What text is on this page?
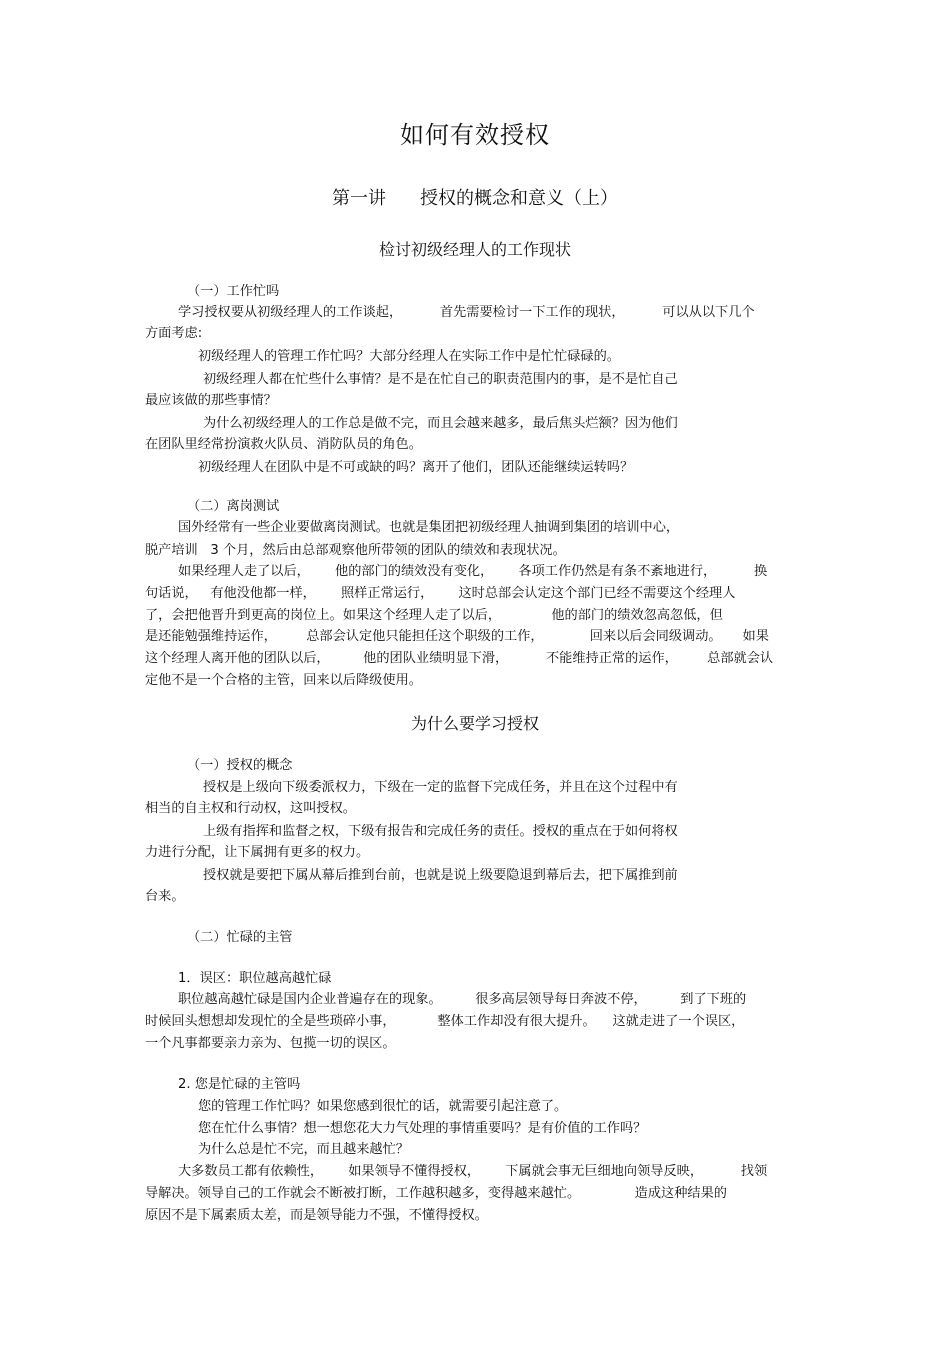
如何有效授权
第一讲 授权的概念和意义（上）
检讨初级经理人的工作现状
（一）工作忙吗
学习授权要从初级经理人的工作谈起，         首先需要检讨一下工作的现状，         可以从以下几个
方面考虑:
初级经理人的管理工作忙吗？大部分经理人在实际工作中是忙忙碌碌的。
初级经理人都在忙些什么事情？是不是在忙自己的职责范围内的事，是不是忙自己
最应该做的那些事情？
为什么初级经理人的工作总是做不完，而且会越来越多，最后焦头烂额？因为他们
在团队里经常扮演救火队员、消防队员的角色。
初级经理人在团队中是不可或缺的吗？离开了他们，团队还能继续运转吗？
（二）离岗测试
国外经常有一些企业要做离岗测试。也就是集团把初级经理人抽调到集团的培训中心，
脱产培训   3 个月，然后由总部观察他所带领的团队的绩效和表现状况。
如果经理人走了以后，      他的部门的绩效没有变化，      各项工作仍然是有条不紊地进行，         换
句话说，   有他没他都一样，      照样正常运行，      这时总部会认定这个部门已经不需要这个经理人
了，会把他晋升到更高的岗位上。如果这个经理人走了以后，            他的部门的绩效忽高忽低，但
是还能勉强维持运作，       总部会认定他只能担任这个职级的工作，           回来以后会同级调动。     如果
这个经理人离开他的团队以后，        他的团队业绩明显下滑，         不能维持正常的运作，       总部就会认
定他不是一个合格的主管，回来以后降级使用。
为什么要学习授权
（一）授权的概念
授权是上级向下级委派权力，下级在一定的监督下完成任务，并且在这个过程中有
相当的自主权和行动权，这叫授权。
上级有指挥和监督之权，下级有报告和完成任务的责任。授权的重点在于如何将权
力进行分配，让下属拥有更多的权力。
授权就是要把下属从幕后推到台前，也就是说上级要隐退到幕后去，把下属推到前
台来。
（二）忙碌的主管
1．误区：职位越高越忙碌
职位越高越忙碌是国内企业普遍存在的现象。        很多高层领导每日奔波不停，        到了下班的
时候回头想想却发现忙的全是些琐碎小事，          整体工作却没有很大提升。    这就走进了一个误区，
一个凡事都要亲力亲为、包揽一切的误区。
2. 您是忙碌的主管吗
您的管理工作忙吗？如果您感到很忙的话，就需要引起注意了。
您在忙什么事情？想一想您花大力气处理的事情重要吗？是有价值的工作吗？
为什么总是忙不完，而且越来越忙？
大多数员工都有依赖性，      如果领导不懂得授权，      下属就会事无巨细地向领导反映，         找领
导解决。领导自己的工作就会不断被打断，工作越积越多，变得越来越忙。             造成这种结果的
原因不是下属素质太差，而是领导能力不强，不懂得授权。
